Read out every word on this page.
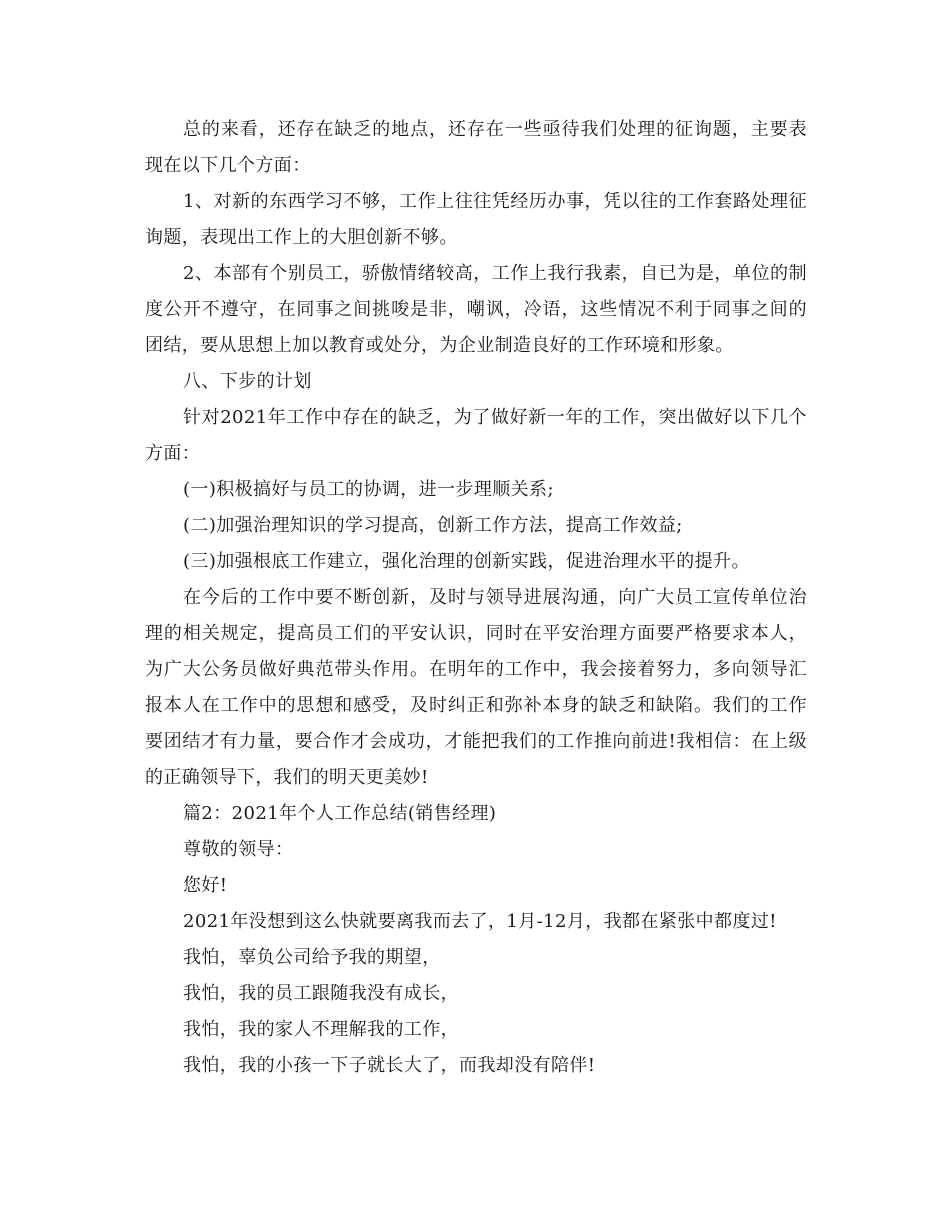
总的来看，还存在缺乏的地点，还存在一些亟待我们处理的征询题，主要表现在以下几个方面：

1、对新的东西学习不够，工作上往往凭经历办事，凭以往的工作套路处理征询题，表现出工作上的大胆创新不够。

2、本部有个别员工，骄傲情绪较高，工作上我行我素，自已为是，单位的制度公开不遵守，在同事之间挑唆是非，嘲讽，冷语，这些情况不利于同事之间的团结，要从思想上加以教育或处分，为企业制造良好的工作环境和形象。

八、下步的计划

针对2021年工作中存在的缺乏，为了做好新一年的工作，突出做好以下几个方面：

(一)积极搞好与员工的协调，进一步理顺关系;

(二)加强治理知识的学习提高，创新工作方法，提高工作效益;

(三)加强根底工作建立，强化治理的创新实践，促进治理水平的提升。

在今后的工作中要不断创新，及时与领导进展沟通，向广大员工宣传单位治理的相关规定，提高员工们的平安认识，同时在平安治理方面要严格要求本人，为广大公务员做好典范带头作用。在明年的工作中，我会接着努力，多向领导汇报本人在工作中的思想和感受，及时纠正和弥补本身的缺乏和缺陷。我们的工作要团结才有力量，要合作才会成功，才能把我们的工作推向前进!我相信：在上级的正确领导下，我们的明天更美妙!

篇2：2021年个人工作总结(销售经理)

尊敬的领导：

您好!

2021年没想到这么快就要离我而去了，1月-12月，我都在紧张中都度过!

我怕，辜负公司给予我的期望，

我怕，我的员工跟随我没有成长，

我怕，我的家人不理解我的工作，

我怕，我的小孩一下子就长大了，而我却没有陪伴!
